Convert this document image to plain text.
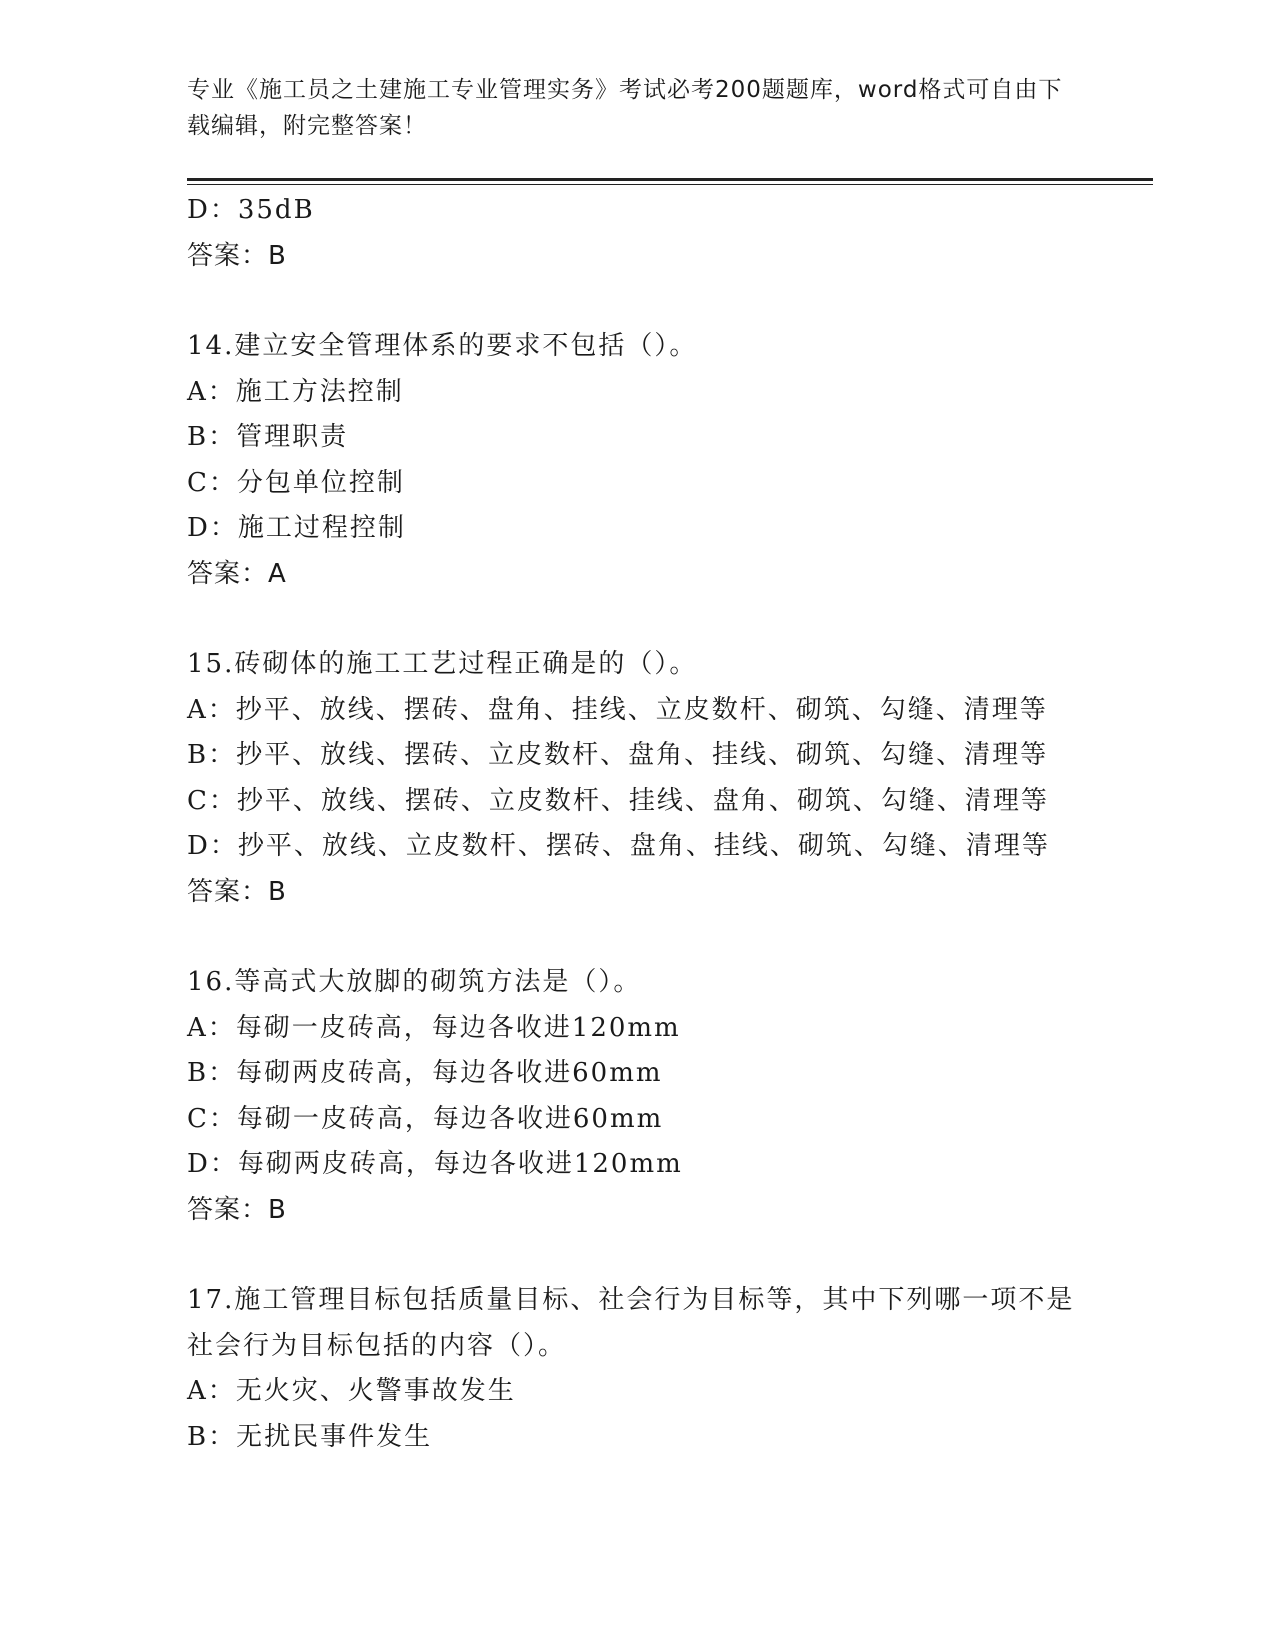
专业《施工员之土建施工专业管理实务》考试必考200题题库，word格式可自由下载编辑，附完整答案！
D：35dB
答案：B
14.建立安全管理体系的要求不包括（）。
A：施工方法控制
B：管理职责
C：分包单位控制
D：施工过程控制
答案：A
15.砖砌体的施工工艺过程正确是的（）。
A：抄平、放线、摆砖、盘角、挂线、立皮数杆、砌筑、勾缝、清理等
B：抄平、放线、摆砖、立皮数杆、盘角、挂线、砌筑、勾缝、清理等
C：抄平、放线、摆砖、立皮数杆、挂线、盘角、砌筑、勾缝、清理等
D：抄平、放线、立皮数杆、摆砖、盘角、挂线、砌筑、勾缝、清理等
答案：B
16.等高式大放脚的砌筑方法是（）。
A：每砌一皮砖高，每边各收进120mm
B：每砌两皮砖高，每边各收进60mm
C：每砌一皮砖高，每边各收进60mm
D：每砌两皮砖高，每边各收进120mm
答案：B
17.施工管理目标包括质量目标、社会行为目标等，其中下列哪一项不是社会行为目标包括的内容（）。
A：无火灾、火警事故发生
B：无扰民事件发生
